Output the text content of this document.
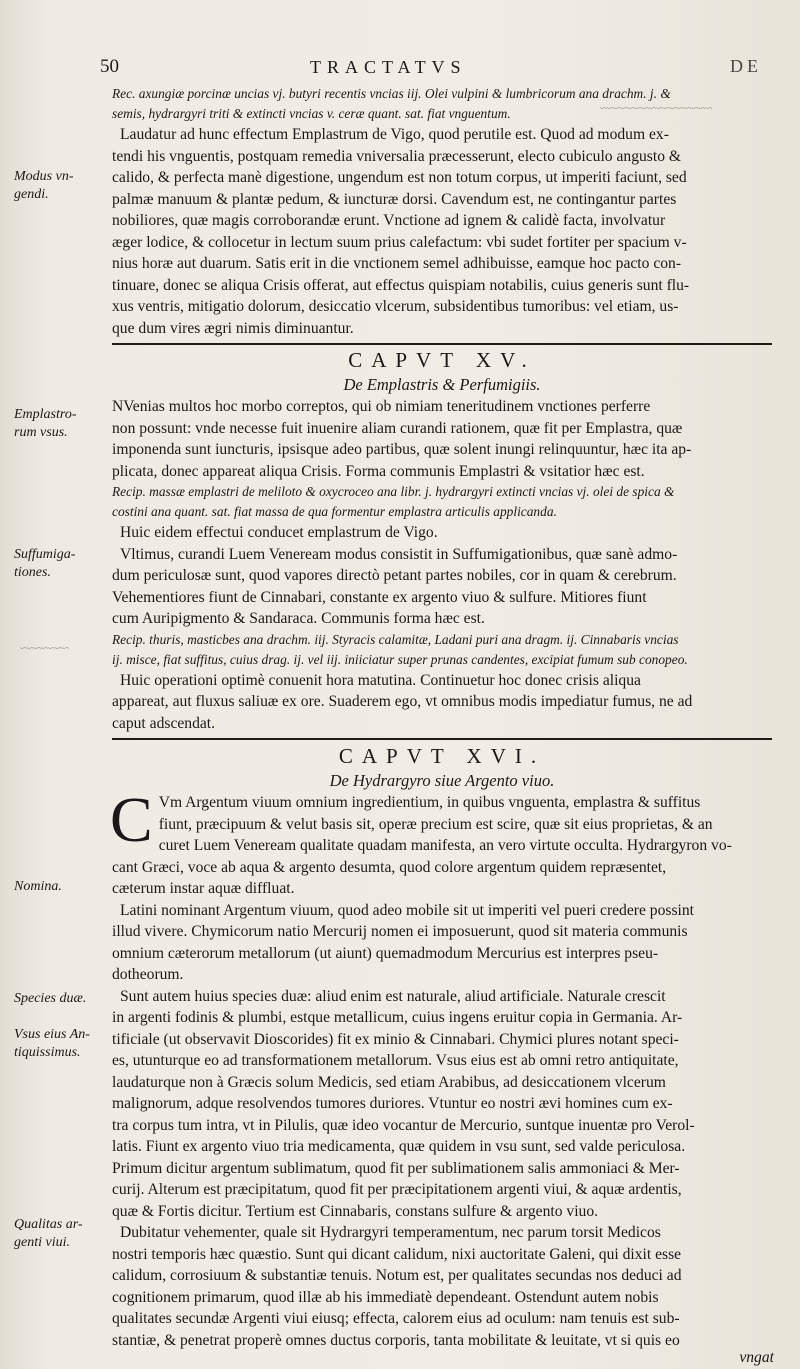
50	TRACTATVS	DE
~~~~~~~~~~~~~~~~
~~~~~~~
Modus vn-
gendi.
Emplastro-
rum vsus.
Suffumiga-
tiones.
Nomina.
Species duæ.
Vsus eius An-
tiquissimus.
Qualitas ar-
genti viui.
Rec. axungiæ porcinæ uncias vj. butyri recentis vncias iij. Olei vulpini & lumbricorum ana drachm. j. &
semis, hydrargyri triti & extincti vncias v. ceræ quant. sat. fiat vnguentum.
Laudatur ad hunc effectum Emplastrum de Vigo, quod perutile est. Quod ad modum ex-
tendi his vnguentis, postquam remedia vniversalia præcesserunt, electo cubiculo angusto &
calido, & perfecta manè digestione, ungendum est non totum corpus, ut imperiti faciunt, sed
palmæ manuum & plantæ pedum, & iuncturæ dorsi. Cavendum est, ne contingantur partes
nobiliores, quæ magis corroborandæ erunt. Vnctione ad ignem & calidè facta, involvatur
æger lodice, & collocetur in lectum suum prius calefactum: vbi sudet fortiter per spacium v-
nius horæ aut duarum. Satis erit in die vnctionem semel adhibuisse, eamque hoc pacto con-
tinuare, donec se aliqua Crisis offerat, aut effectus quispiam notabilis, cuius generis sunt flu-
xus ventris, mitigatio dolorum, desiccatio vlcerum, subsidentibus tumoribus: vel etiam, us-
que dum vires ægri nimis diminuantur.
CAPVT XV.
De Emplastris & Perfumigiis.
NVenias multos hoc morbo correptos, qui ob nimiam teneritudinem vnctiones perferre
non possunt: vnde necesse fuit inuenire aliam curandi rationem, quæ fit per Emplastra, quæ
imponenda sunt iuncturis, ipsisque adeo partibus, quæ solent inungi relinquuntur, hæc ita ap-
plicata, donec appareat aliqua Crisis. Forma communis Emplastri & vsitatior hæc est.
Recip. massæ emplastri de meliloto & oxycroceo ana libr. j. hydrargyri extincti vncias vj. olei de spica &
costini ana quant. sat. fiat massa de qua formentur emplastra articulis applicanda.
Huic eidem effectui conducet emplastrum de Vigo.
Vltimus, curandi Luem Veneream modus consistit in Suffumigationibus, quæ sanè admo-
dum periculosæ sunt, quod vapores directò petant partes nobiles, cor in quam & cerebrum.
Vehementiores fiunt de Cinnabari, constante ex argento viuo & sulfure. Mitiores fiunt
cum Auripigmento & Sandaraca. Communis forma hæc est.
Recip. thuris, masticbes ana drachm. iij. Styracis calamitæ, Ladani puri ana dragm. ij. Cinnabaris vncias
ij. misce, fiat suffitus, cuius drag. ij. vel iij. iniiciatur super prunas candentes, excipiat fumum sub conopeo.
Huic operationi optimè conuenit hora matutina. Continuetur hoc donec crisis aliqua
appareat, aut fluxus saliuæ ex ore. Suaderem ego, vt omnibus modis impediatur fumus, ne ad
caput adscendat.
CAPVT XVI.
De Hydrargyro siue Argento viuo.
C Vm Argentum viuum omnium ingredientium, in quibus vnguenta, emplastra & suffitus
fiunt, præcipuum & velut basis sit, operæ precium est scire, quæ sit eius proprietas, & an
curet Luem Veneream qualitate quadam manifesta, an vero virtute occulta. Hydrargyron vo-
cant Græci, voce ab aqua & argento desumta, quod colore argentum quidem repræsentet,
cæterum instar aquæ diffluat.
Latini nominant Argentum viuum, quod adeo mobile sit ut imperiti vel pueri credere possint
illud vivere. Chymicorum natio Mercurij nomen ei imposuerunt, quod sit materia communis
omnium cæterorum metallorum (ut aiunt) quemadmodum Mercurius est interpres pseu-
dotheorum.
Sunt autem huius species duæ: aliud enim est naturale, aliud artificiale. Naturale crescit
in argenti fodinis & plumbi, estque metallicum, cuius ingens eruitur copia in Germania. Ar-
tificiale (ut observavit Dioscorides) fit ex minio & Cinnabari. Chymici plures notant speci-
es, utunturque eo ad transformationem metallorum. Vsus eius est ab omni retro antiquitate,
laudaturque non à Græcis solum Medicis, sed etiam Arabibus, ad desiccationem vlcerum
malignorum, adque resolvendos tumores duriores. Vtuntur eo nostri ævi homines cum ex-
tra corpus tum intra, vt in Pilulis, quæ ideo vocantur de Mercurio, suntque inuentæ pro Verol-
latis. Fiunt ex argento viuo tria medicamenta, quæ quidem in vsu sunt, sed valde periculosa.
Primum dicitur argentum sublimatum, quod fit per sublimationem salis ammoniaci & Mer-
curij. Alterum est præcipitatum, quod fit per præcipitationem argenti viui, & aquæ ardentis,
quæ & Fortis dicitur. Tertium est Cinnabaris, constans sulfure & argento viuo.
Dubitatur vehementer, quale sit Hydrargyri temperamentum, nec parum torsit Medicos
nostri temporis hæc quæstio. Sunt qui dicant calidum, nixi auctoritate Galeni, qui dixit esse
calidum, corrosiuum & substantiæ tenuis. Notum est, per qualitates secundas nos deduci ad
cognitionem primarum, quod illæ ab his immediatè dependeant. Ostendunt autem nobis
qualitates secundæ Argenti viui eiusq; effecta, calorem eius ad oculum: nam tenuis est sub-
stantiæ, & penetrat properè omnes ductus corporis, tanta mobilitate & leuitate, vt si quis eo
vngat
